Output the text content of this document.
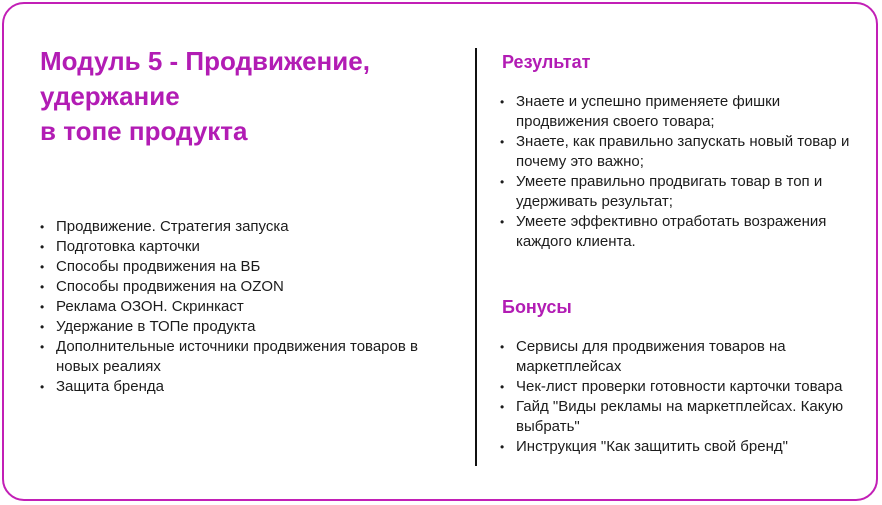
Модуль 5 - Продвижение,
удержание
в топе продукта
• Продвижение. Стратегия запуска
• Подготовка карточки
• Способы продвижения на ВБ
• Способы продвижения на OZON
• Реклама ОЗОН. Скринкаст
• Удержание в ТОПе продукта
• Дополнительные источники продвижения товаров в новых реалиях
• Защита бренда
Результат
• Знаете и успешно применяете фишки продвижения своего товара;
• Знаете, как правильно запускать новый товар и почему это важно;
• Умеете правильно продвигать товар в топ и удерживать результат;
• Умеете эффективно отработать возражения каждого клиента.
Бонусы
• Сервисы для продвижения товаров на маркетплейсах
• Чек-лист проверки готовности карточки товара
• Гайд "Виды рекламы на маркетплейсах. Какую выбрать"
• Инструкция "Как защитить свой бренд"
